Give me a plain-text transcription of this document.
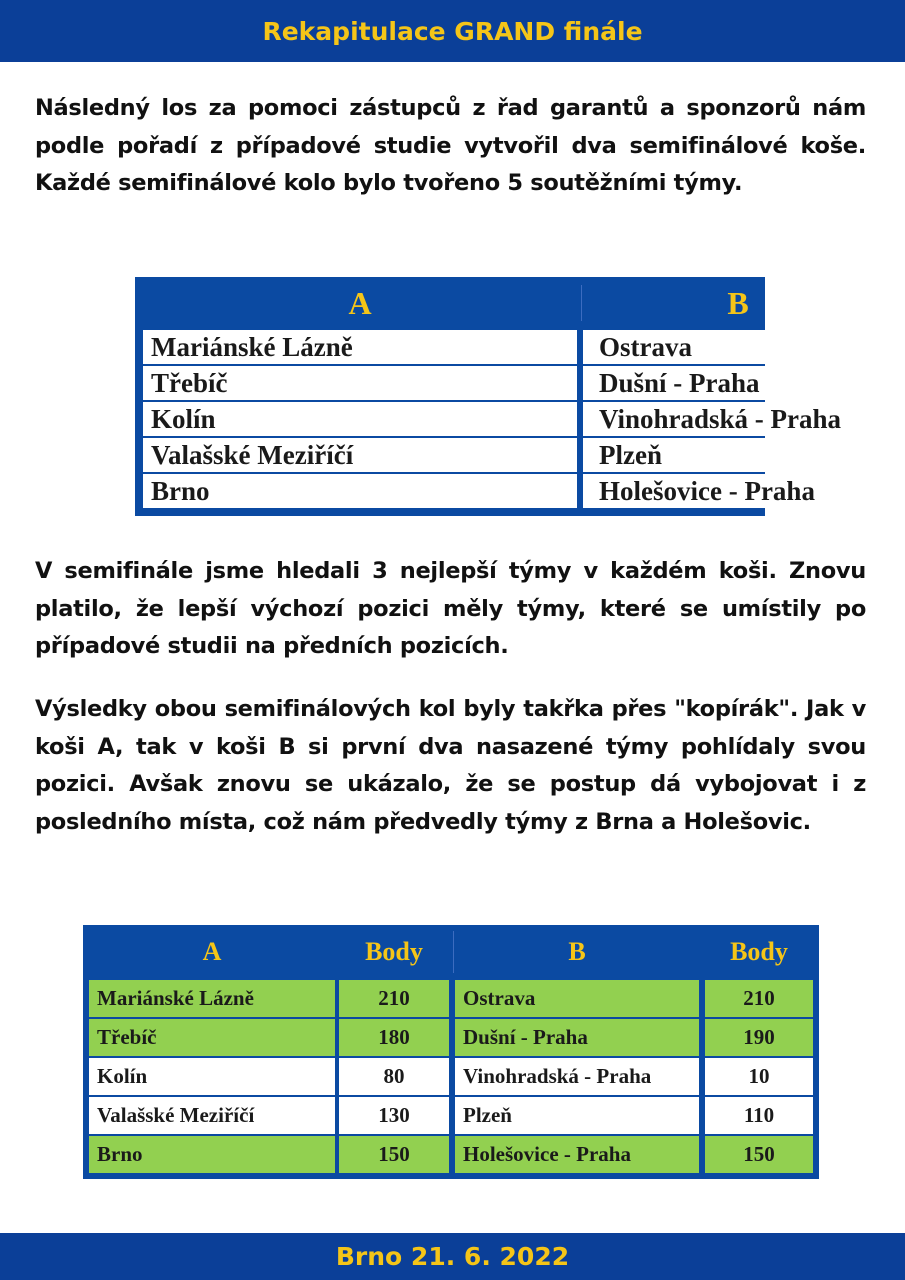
Rekapitulace GRAND finále

Následný los za pomoci zástupců z řad garantů a sponzorů nám podle pořadí z případové studie vytvořil dva semifinálové koše. Každé semifinálové kolo bylo tvořeno 5 soutěžními týmy.

A	B
Mariánské Lázně	Ostrava
Třebíč	Dušní - Praha
Kolín	Vinohradská - Praha
Valašské Meziříčí	Plzeň
Brno	Holešovice - Praha

V semifinále jsme hledali 3 nejlepší týmy v každém koši. Znovu platilo, že lepší výchozí pozici měly týmy, které se umístily po případové studii na předních pozicích.

Výsledky obou semifinálových kol byly takřka přes "kopírák". Jak v koši A, tak v koši B si první dva nasazené týmy pohlídaly svou pozici. Avšak znovu se ukázalo, že se postup dá vybojovat i z posledního místa, což nám předvedly týmy z Brna a Holešovic.

A	Body	B	Body
Mariánské Lázně	210	Ostrava	210
Třebíč	180	Dušní - Praha	190
Kolín	80	Vinohradská - Praha	10
Valašské Meziříčí	130	Plzeň	110
Brno	150	Holešovice - Praha	150
Brno 21. 6. 2022
